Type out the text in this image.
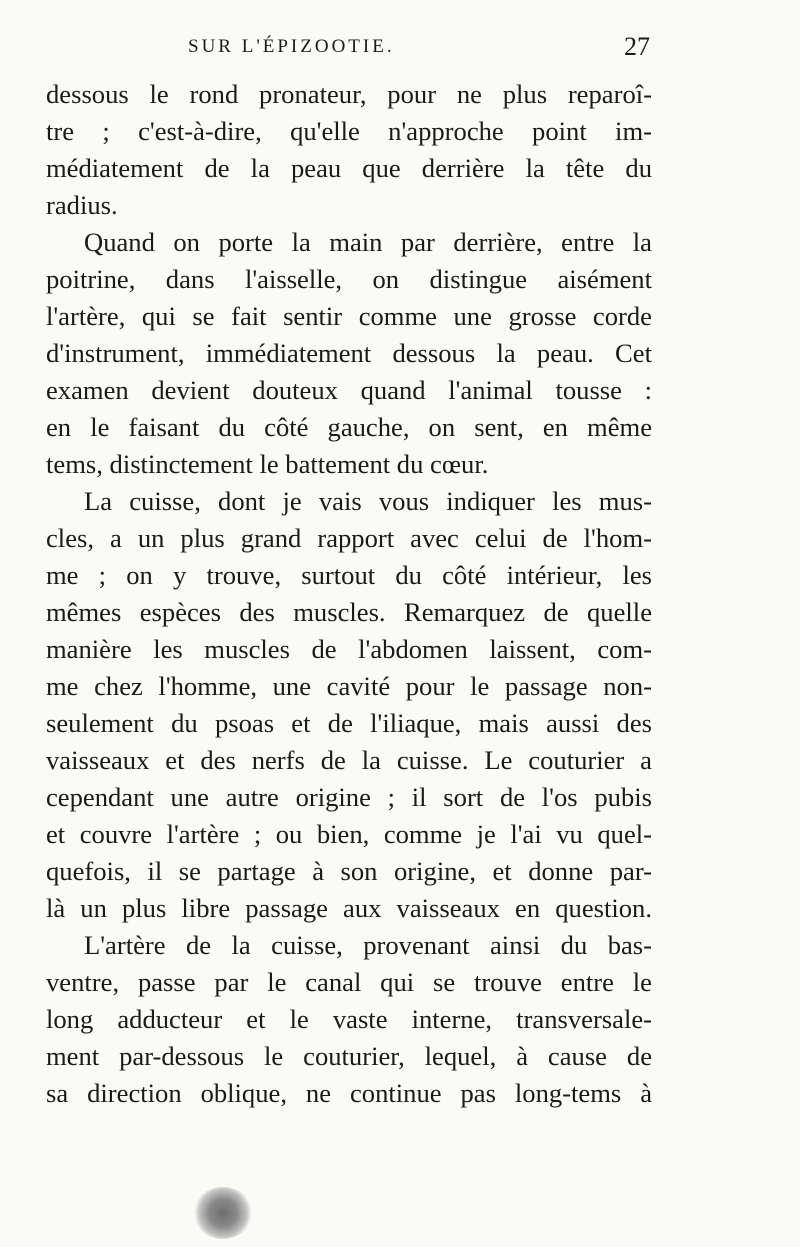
SUR L'ÉPIZOOTIE.	27
dessous le rond pronateur, pour ne plus reparoî-
tre ; c'est-à-dire, qu'elle n'approche point im-
médiatement de la peau que derrière la tête du
radius.
Quand on porte la main par derrière, entre la
poitrine, dans l'aisselle, on distingue aisément
l'artère, qui se fait sentir comme une grosse corde
d'instrument, immédiatement dessous la peau. Cet
examen devient douteux quand l'animal tousse :
en le faisant du côté gauche, on sent, en même
tems, distinctement le battement du cœur.
La cuisse, dont je vais vous indiquer les mus-
cles, a un plus grand rapport avec celui de l'hom-
me ; on y trouve, surtout du côté intérieur, les
mêmes espèces des muscles. Remarquez de quelle
manière les muscles de l'abdomen laissent, com-
me chez l'homme, une cavité pour le passage non-
seulement du psoas et de l'iliaque, mais aussi des
vaisseaux et des nerfs de la cuisse. Le couturier a
cependant une autre origine ; il sort de l'os pubis
et couvre l'artère ; ou bien, comme je l'ai vu quel-
quefois, il se partage à son origine, et donne par-
là un plus libre passage aux vaisseaux en question.
L'artère de la cuisse, provenant ainsi du bas-
ventre, passe par le canal qui se trouve entre le
long adducteur et le vaste interne, transversale-
ment par-dessous le couturier, lequel, à cause de
sa direction oblique, ne continue pas long-tems à
